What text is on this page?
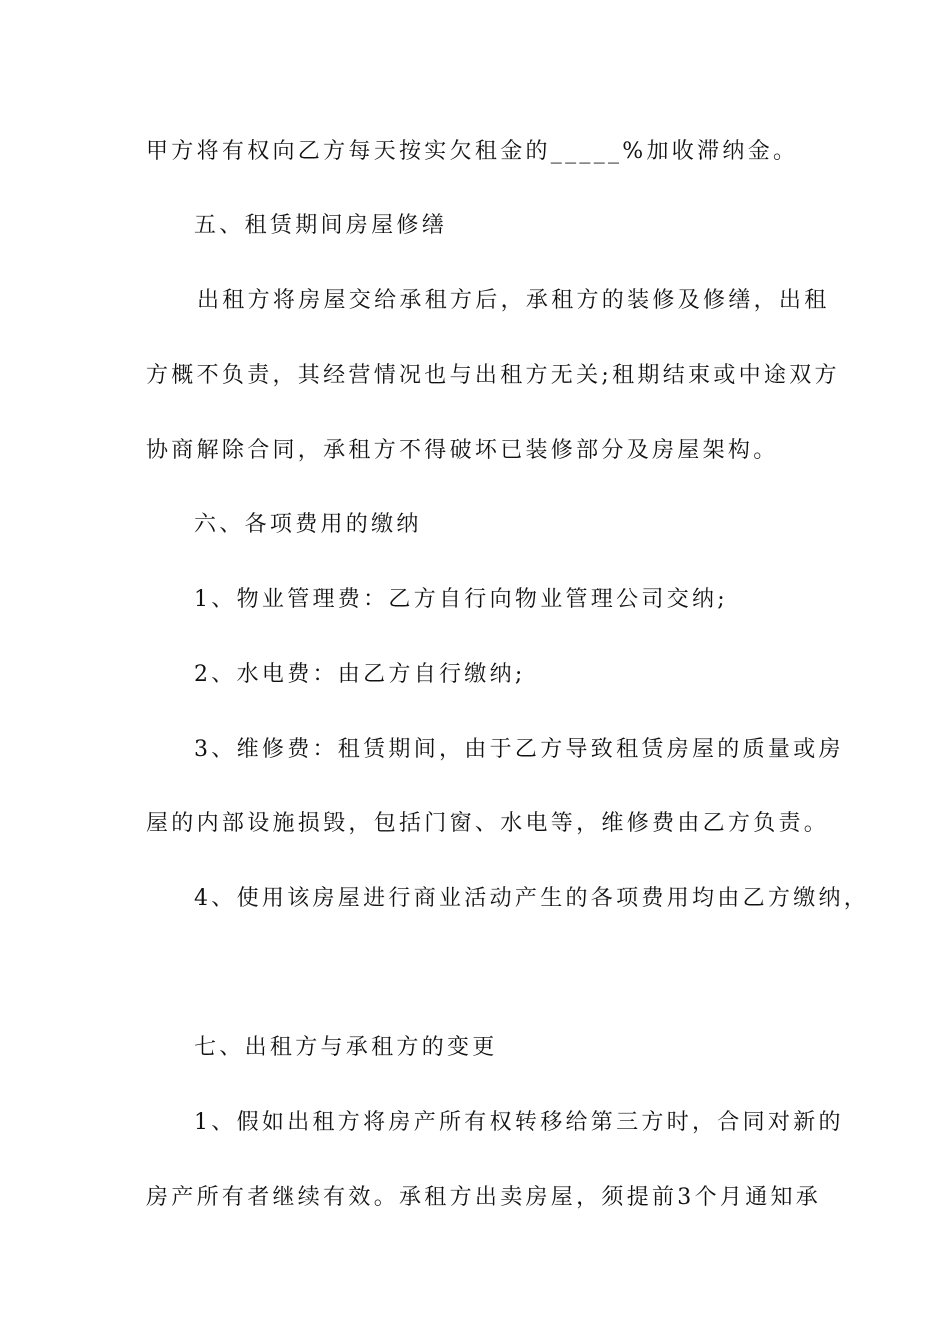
甲方将有权向乙方每天按实欠租金的_____%加收滞纳金。
五、租赁期间房屋修缮
出租方将房屋交给承租方后，承租方的装修及修缮，出租
方概不负责，其经营情况也与出租方无关;租期结束或中途双方
协商解除合同，承租方不得破坏已装修部分及房屋架构。
六、各项费用的缴纳
1、物业管理费：乙方自行向物业管理公司交纳;
2、水电费：由乙方自行缴纳;
3、维修费：租赁期间，由于乙方导致租赁房屋的质量或房
屋的内部设施损毁，包括门窗、水电等，维修费由乙方负责。
4、使用该房屋进行商业活动产生的各项费用均由乙方缴纳，
七、出租方与承租方的变更
1、假如出租方将房产所有权转移给第三方时，合同对新的
房产所有者继续有效。承租方出卖房屋，须提前3个月通知承
